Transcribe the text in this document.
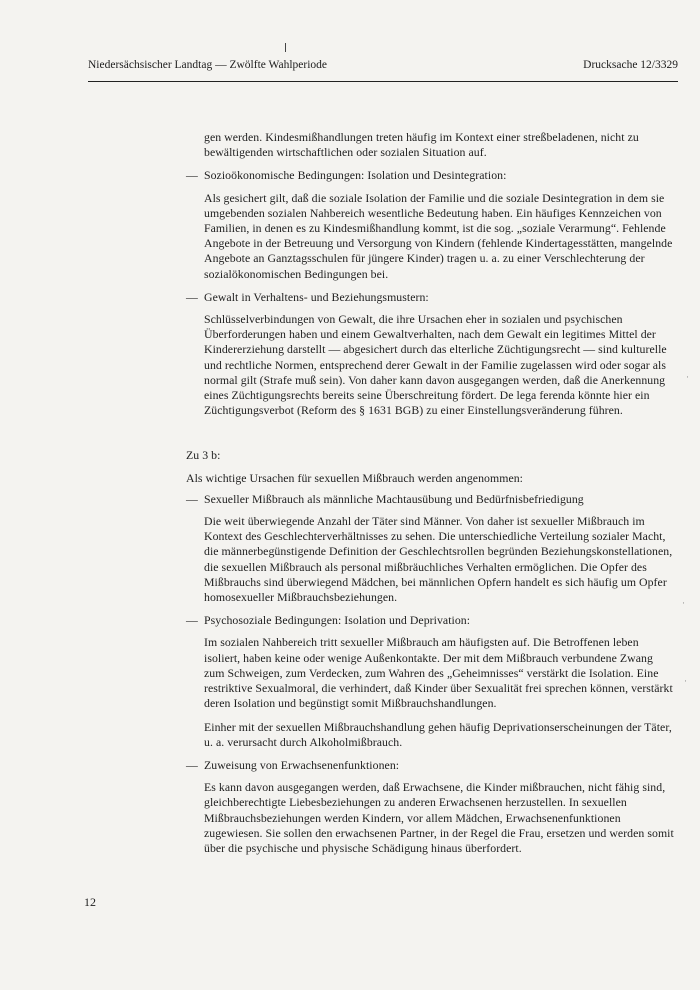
Niedersächsischer Landtag — Zwölfte Wahlperiode	Drucksache 12/3329

gen werden. Kindesmißhandlungen treten häufig im Kontext einer streßbeladenen, nicht zu bewältigenden wirtschaftlichen oder sozialen Situation auf.

— Sozioökonomische Bedingungen: Isolation und Desintegration:

Als gesichert gilt, daß die soziale Isolation der Familie und die soziale Desintegration in dem sie umgebenden sozialen Nahbereich wesentliche Bedeutung haben. Ein häufiges Kennzeichen von Familien, in denen es zu Kindesmißhandlung kommt, ist die sog. „soziale Verarmung“. Fehlende Angebote in der Betreuung und Versorgung von Kindern (fehlende Kindertagesstätten, mangelnde Angebote an Ganztagsschulen für jüngere Kinder) tragen u. a. zu einer Verschlechterung der sozialökonomischen Bedingungen bei.

— Gewalt in Verhaltens- und Beziehungsmustern:

Schlüsselverbindungen von Gewalt, die ihre Ursachen eher in sozialen und psychischen Überforderungen haben und einem Gewaltverhalten, nach dem Gewalt ein legitimes Mittel der Kindererziehung darstellt — abgesichert durch das elterliche Züchtigungsrecht — sind kulturelle und rechtliche Normen, entsprechend derer Gewalt in der Familie zugelassen wird oder sogar als normal gilt (Strafe muß sein). Von daher kann davon ausgegangen werden, daß die Anerkennung eines Züchtigungsrechts bereits seine Überschreitung fördert. De lega ferenda könnte hier ein Züchtigungsverbot (Reform des § 1631 BGB) zu einer Einstellungsveränderung führen.

Zu 3 b:

Als wichtige Ursachen für sexuellen Mißbrauch werden angenommen:

— Sexueller Mißbrauch als männliche Machtausübung und Bedürfnisbefriedigung

Die weit überwiegende Anzahl der Täter sind Männer. Von daher ist sexueller Mißbrauch im Kontext des Geschlechterverhältnisses zu sehen. Die unterschiedliche Verteilung sozialer Macht, die männerbegünstigende Definition der Geschlechtsrollen begründen Beziehungskonstellationen, die sexuellen Mißbrauch als personal mißbräuchliches Verhalten ermöglichen. Die Opfer des Mißbrauchs sind überwiegend Mädchen, bei männlichen Opfern handelt es sich häufig um Opfer homosexueller Mißbrauchsbeziehungen.

— Psychosoziale Bedingungen: Isolation und Deprivation:

Im sozialen Nahbereich tritt sexueller Mißbrauch am häufigsten auf. Die Betroffenen leben isoliert, haben keine oder wenige Außenkontakte. Der mit dem Mißbrauch verbundene Zwang zum Schweigen, zum Verdecken, zum Wahren des „Geheimnisses“ verstärkt die Isolation. Eine restriktive Sexualmoral, die verhindert, daß Kinder über Sexualität frei sprechen können, verstärkt deren Isolation und begünstigt somit Mißbrauchshandlungen.

Einher mit der sexuellen Mißbrauchshandlung gehen häufig Deprivationserscheinungen der Täter, u. a. verursacht durch Alkoholmißbrauch.

— Zuweisung von Erwachsenenfunktionen:

Es kann davon ausgegangen werden, daß Erwachsene, die Kinder mißbrauchen, nicht fähig sind, gleichberechtigte Liebesbeziehungen zu anderen Erwachsenen herzustellen. In sexuellen Mißbrauchsbeziehungen werden Kindern, vor allem Mädchen, Erwachsenenfunktionen zugewiesen. Sie sollen den erwachsenen Partner, in der Regel die Frau, ersetzen und werden somit über die psychische und physische Schädigung hinaus überfordert.

12
·
·
·
